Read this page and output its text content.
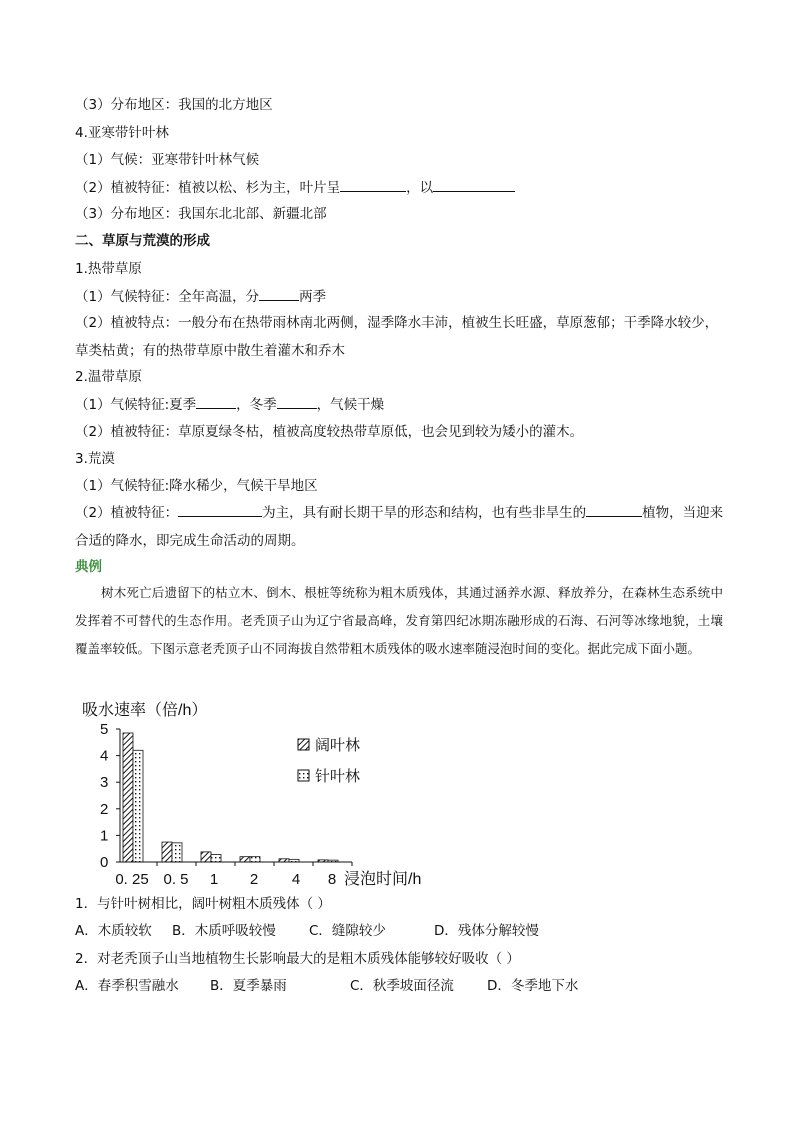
（3）分布地区：我国的北方地区
4.亚寒带针叶林
（1）气候：亚寒带针叶林气候
（2）植被特征：植被以松、杉为主，叶片呈	，以
（3）分布地区：我国东北北部、新疆北部
二、草原与荒漠的形成
1.热带草原
（1）气候特征：全年高温，分	两季
（2）植被特点：一般分布在热带雨林南北两侧，湿季降水丰沛，植被生长旺盛，草原葱郁；干季降水较少，草类枯黄；有的热带草原中散生着灌木和乔木
2.温带草原
（1）气候特征:夏季	，冬季	，气候干燥
（2）植被特征：草原夏绿冬枯，植被高度较热带草原低，也会见到较为矮小的灌木。
3.荒漠
（1）气候特征:降水稀少，气候干旱地区
（2）植被特征：	为主，具有耐长期干旱的形态和结构，也有些非旱生的	植物，当迎来合适的降水，即完成生命活动的周期。
典例
树木死亡后遗留下的枯立木、倒木、根桩等统称为粗木质残体，其通过涵养水源、释放养分，在森林生态系统中发挥着不可替代的生态作用。老秃顶子山为辽宁省最高峰，发育第四纪冰期冻融形成的石海、石河等冰缘地貌，土壤覆盖率较低。下图示意老秃顶子山不同海拔自然带粗木质残体的吸水速率随浸泡时间的变化。据此完成下面小题。
吸水速率（倍/h）
0
1
2
3
4
5
0. 25 0. 5 1 2 4 8 浸泡时间/h
阔叶林
针叶林
1．与针叶树相比，阔叶树粗木质残体（ ）
A．木质较软 B．木质呼吸较慢 C．缝隙较少	D．残体分解较慢
2．对老秃顶子山当地植物生长影响最大的是粗木质残体能够较好吸收（ ）
A．春季积雪融水 B．夏季暴雨	C．秋季坡面径流 D．冬季地下水
